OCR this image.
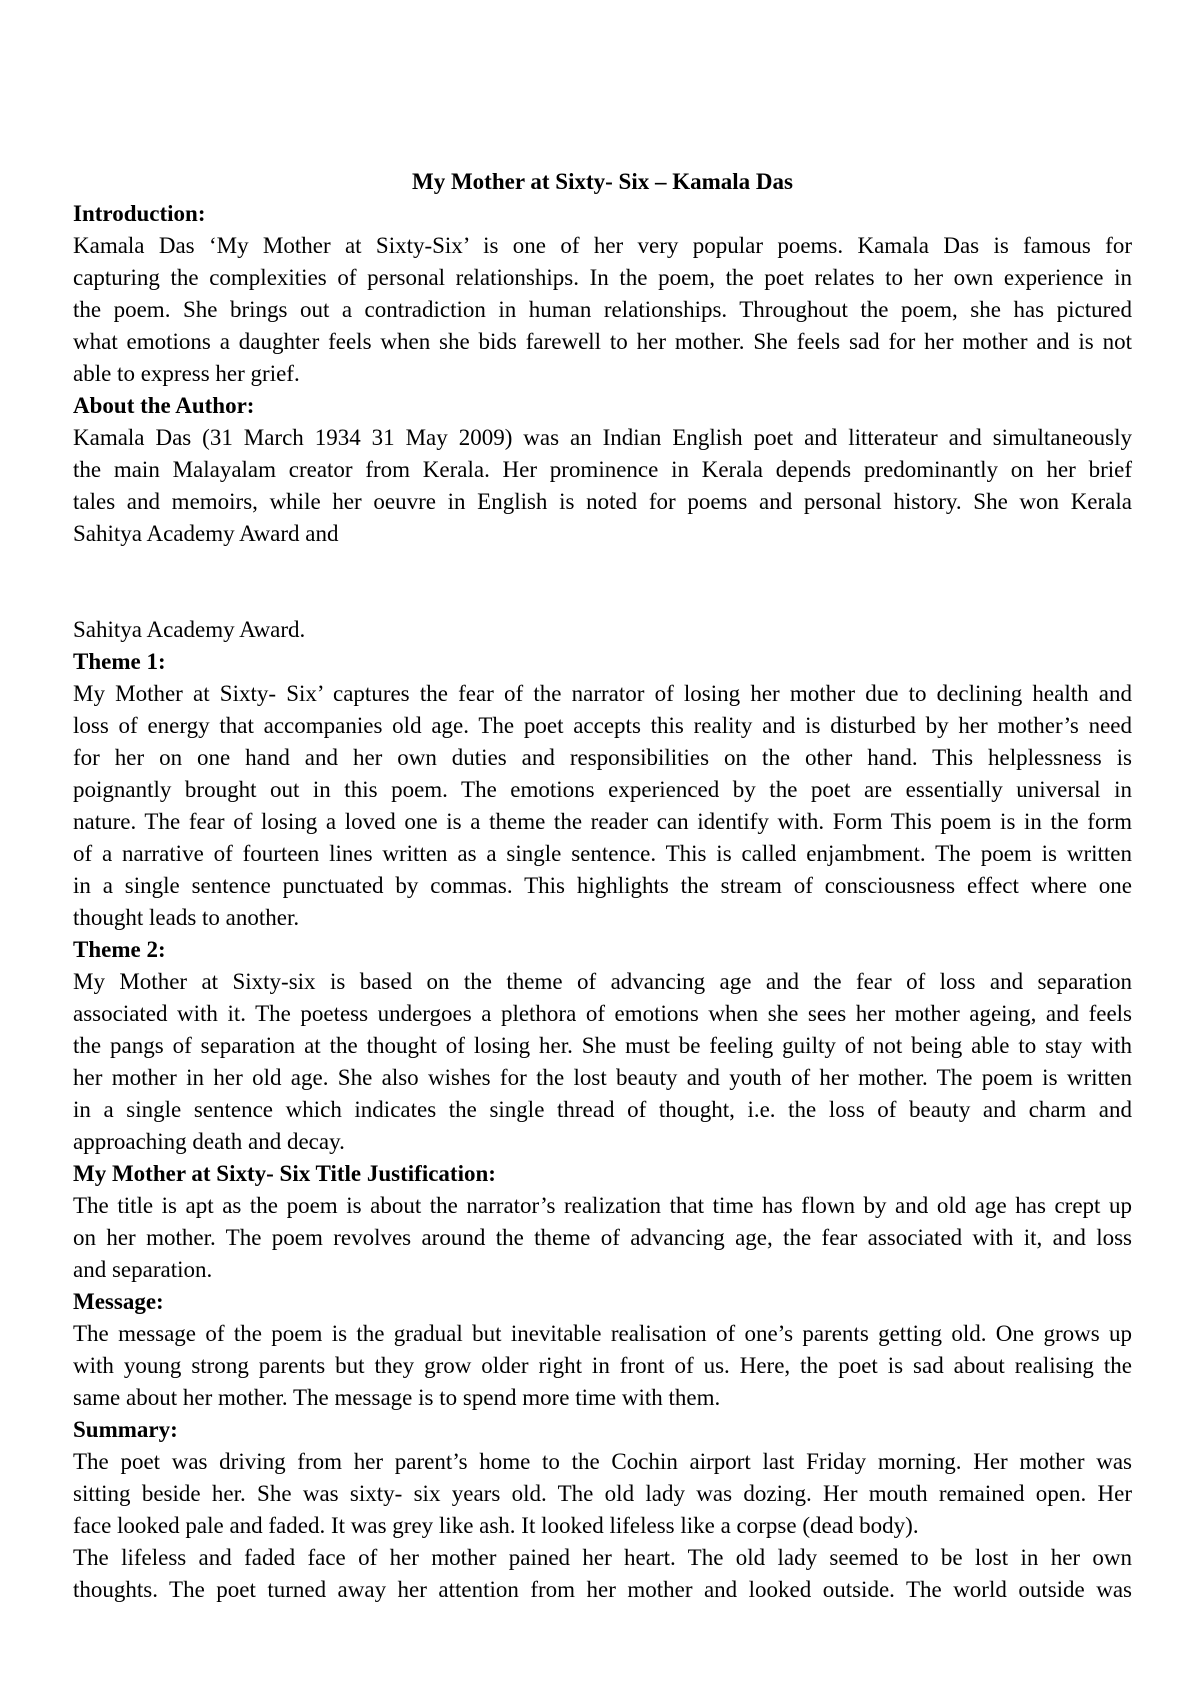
My Mother at Sixty- Six – Kamala Das
Introduction:
Kamala Das ‘My Mother at Sixty-Six’ is one of her very popular poems. Kamala Das is famous for
capturing the complexities of personal relationships. In the poem, the poet relates to her own experience in
the poem. She brings out a contradiction in human relationships. Throughout the poem, she has pictured
what emotions a daughter feels when she bids farewell to her mother. She feels sad for her mother and is not
able to express her grief.
About the Author:
Kamala Das (31 March 1934 31 May 2009) was an Indian English poet and litterateur and simultaneously
the main Malayalam creator from Kerala. Her prominence in Kerala depends predominantly on her brief
tales and memoirs, while her oeuvre in English is noted for poems and personal history. She won Kerala
Sahitya Academy Award and
Sahitya Academy Award.
Theme 1:
My Mother at Sixty- Six’ captures the fear of the narrator of losing her mother due to declining health and
loss of energy that accompanies old age. The poet accepts this reality and is disturbed by her mother’s need
for her on one hand and her own duties and responsibilities on the other hand. This helplessness is
poignantly brought out in this poem. The emotions experienced by the poet are essentially universal in
nature. The fear of losing a loved one is a theme the reader can identify with. Form This poem is in the form
of a narrative of fourteen lines written as a single sentence. This is called enjambment. The poem is written
in a single sentence punctuated by commas. This highlights the stream of consciousness effect where one
thought leads to another.
Theme 2:
My Mother at Sixty-six is based on the theme of advancing age and the fear of loss and separation
associated with it. The poetess undergoes a plethora of emotions when she sees her mother ageing, and feels
the pangs of separation at the thought of losing her. She must be feeling guilty of not being able to stay with
her mother in her old age. She also wishes for the lost beauty and youth of her mother. The poem is written
in a single sentence which indicates the single thread of thought, i.e. the loss of beauty and charm and
approaching death and decay.
My Mother at Sixty- Six Title Justification:
The title is apt as the poem is about the narrator’s realization that time has flown by and old age has crept up
on her mother. The poem revolves around the theme of advancing age, the fear associated with it, and loss
and separation.
Message:
The message of the poem is the gradual but inevitable realisation of one’s parents getting old. One grows up
with young strong parents but they grow older right in front of us. Here, the poet is sad about realising the
same about her mother. The message is to spend more time with them.
Summary:
The poet was driving from her parent’s home to the Cochin airport last Friday morning. Her mother was
sitting beside her. She was sixty- six years old. The old lady was dozing. Her mouth remained open. Her
face looked pale and faded. It was grey like ash. It looked lifeless like a corpse (dead body).
The lifeless and faded face of her mother pained her heart. The old lady seemed to be lost in her own
thoughts. The poet turned away her attention from her mother and looked outside. The world outside was
